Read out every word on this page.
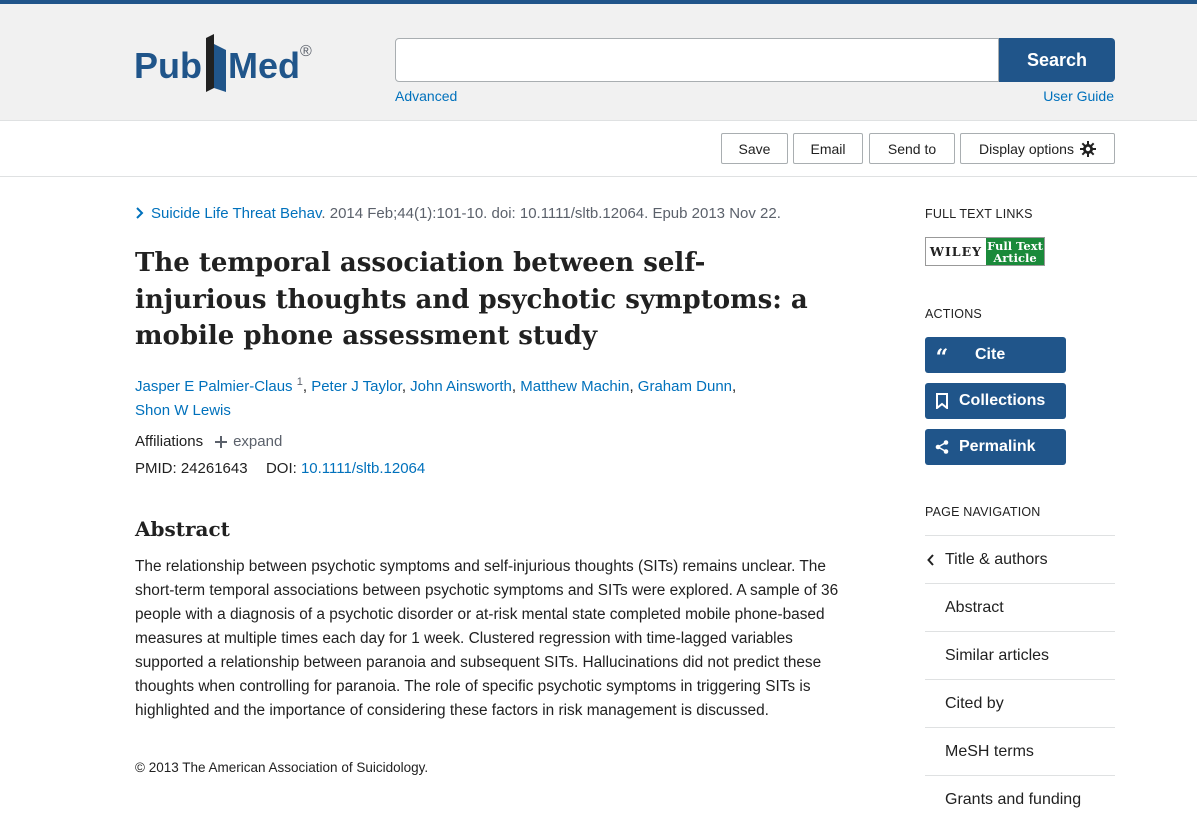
Pub Med ®	Search
Advanced	User Guide
Save	Email	Send to	Display options
Suicide Life Threat Behav. 2014 Feb;44(1):101-10. doi: 10.1111/sltb.12064. Epub 2013 Nov 22.
The temporal association between self-injurious thoughts and psychotic symptoms: a mobile phone assessment study
Jasper E Palmier-Claus $^1$, Peter J Taylor, John Ainsworth, Matthew Machin, Graham Dunn,
Shon W Lewis
Affiliations expand
PMID: 24261643 DOI: 10.1111/sltb.12064
Abstract

The relationship between psychotic symptoms and self-injurious thoughts (SITs) remains unclear. The short-term temporal associations between psychotic symptoms and SITs were explored. A sample of 36 people with a diagnosis of a psychotic disorder or at-risk mental state completed mobile phone-based measures at multiple times each day for 1 week. Clustered regression with time-lagged variables supported a relationship between paranoia and subsequent SITs. Hallucinations did not predict these thoughts when controlling for paranoia. The role of specific psychotic symptoms in triggering SITs is highlighted and the importance of considering these factors in risk management is discussed.

© 2013 The American Association of Suicidology.
FULL TEXT LINKS
WILEY Full Text
Article
ACTIONS
“	Cite
Collections
Permalink
PAGE NAVIGATION
Title & authors
Abstract
Similar articles
Cited by
MeSH terms
Grants and funding
